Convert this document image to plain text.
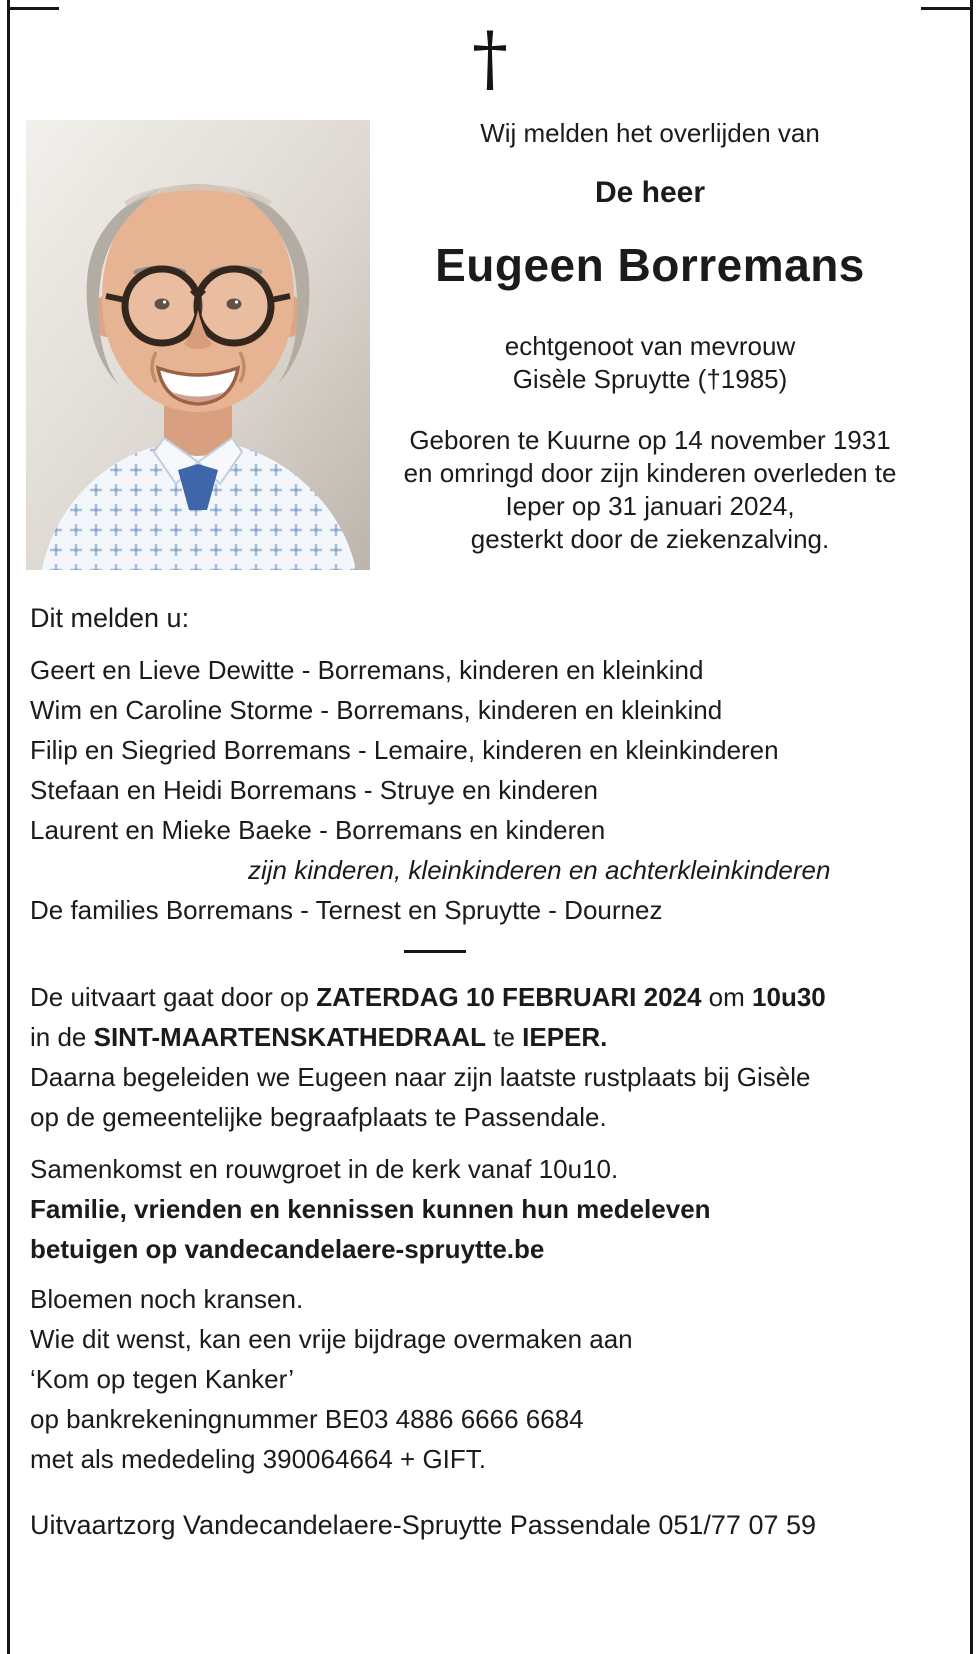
†
Wij melden het overlijden van
De heer
Eugeen Borremans
echtgenoot van mevrouw
Gisèle Spruytte (†1985)
Geboren te Kuurne op 14 november 1931
en omringd door zijn kinderen overleden te
Ieper op 31 januari 2024,
gesterkt door de ziekenzalving.
Dit melden u:
Geert en Lieve Dewitte - Borremans, kinderen en kleinkind
Wim en Caroline Storme - Borremans, kinderen en kleinkind
Filip en Siegried Borremans - Lemaire, kinderen en kleinkinderen
Stefaan en Heidi Borremans - Struye en kinderen
Laurent en Mieke Baeke - Borremans en kinderen
zijn kinderen, kleinkinderen en achterkleinkinderen
De families Borremans - Ternest en Spruytte - Dournez
De uitvaart gaat door op ZATERDAG 10 FEBRUARI 2024 om 10u30
in de SINT-MAARTENSKATHEDRAAL te IEPER.
Daarna begeleiden we Eugeen naar zijn laatste rustplaats bij Gisèle
op de gemeentelijke begraafplaats te Passendale.
Samenkomst en rouwgroet in de kerk vanaf 10u10.
Familie, vrienden en kennissen kunnen hun medeleven
betuigen op vandecandelaere-spruytte.be
Bloemen noch kransen.
Wie dit wenst, kan een vrije bijdrage overmaken aan
‘Kom op tegen Kanker’
op bankrekeningnummer BE03 4886 6666 6684
met als mededeling 390064664 + GIFT.
Uitvaartzorg Vandecandelaere-Spruytte Passendale 051/77 07 59
